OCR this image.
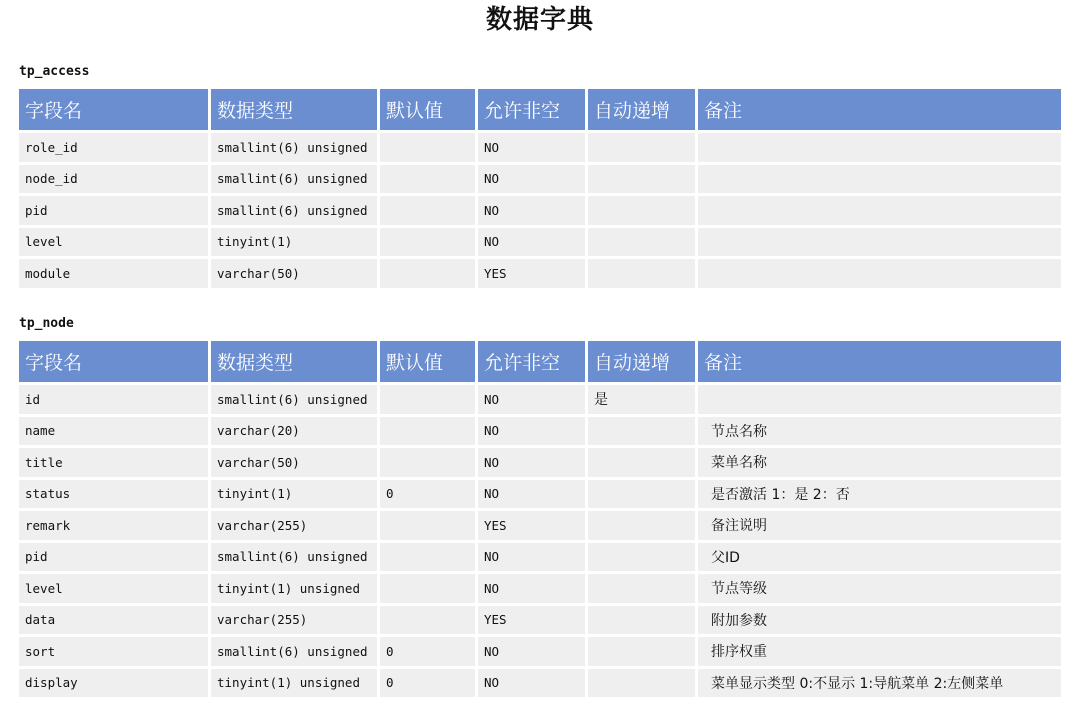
数据字典
tp_access
字段名	数据类型	默认值	允许非空	自动递增	备注
role_id	smallint(6) unsigned		NO		
node_id	smallint(6) unsigned		NO		
pid	smallint(6) unsigned		NO		
level	tinyint(1)		NO		
module	varchar(50)		YES		
tp_node
字段名	数据类型	默认值	允许非空	自动递增	备注
id	smallint(6) unsigned		NO	是	
name	varchar(20)		NO		节点名称
title	varchar(50)		NO		菜单名称
status	tinyint(1)	0	NO		是否激活 1：是 2：否
remark	varchar(255)		YES		备注说明
pid	smallint(6) unsigned		NO		父ID
level	tinyint(1) unsigned		NO		节点等级
data	varchar(255)		YES		附加参数
sort	smallint(6) unsigned	0	NO		排序权重
display	tinyint(1) unsigned	0	NO		菜单显示类型 0:不显示 1:导航菜单 2:左侧菜单
